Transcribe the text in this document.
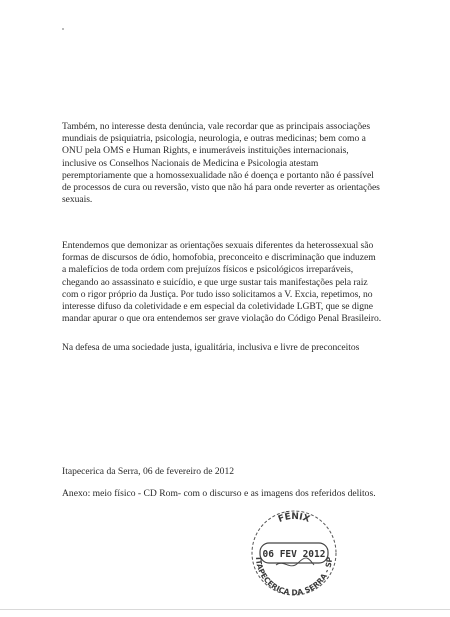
Também, no interesse desta denúncia, vale recordar que as principais associações mundiais de psiquiatria, psicologia, neurologia, e outras medicinas; bem como a ONU pela OMS e Human Rights, e inumeráveis instituições internacionais, inclusive os Conselhos Nacionais de Medicina e Psicologia atestam peremptoriamente que a homossexualidade não é doença e portanto não é passível de processos de cura ou reversão, visto que não há para onde reverter as orientações sexuais.

Entendemos que demonizar as orientações sexuais diferentes da heterossexual são formas de discursos de ódio, homofobia, preconceito e discriminação que induzem a malefícios de toda ordem com prejuízos físicos e psicológicos irreparáveis, chegando ao assassinato e suicídio, e que urge sustar tais manifestações pela raiz com o rigor próprio da Justiça. Por tudo isso solicitamos a V. Excia, repetimos, no interesse difuso da coletividade e em especial da coletividade LGBT, que se digne mandar apurar o que ora entendemos ser grave violação do Código Penal Brasileiro.

Na defesa de uma sociedade justa, igualitária, inclusiva e livre de preconceitos

Itapecerica da Serra, 06 de fevereiro de 2012

Anexo: meio físico - CD Rom- com o discurso e as imagens dos referidos delitos.

FÊNIX
06 FEV 2012
ITAPECERICA DA SERRA - SP
